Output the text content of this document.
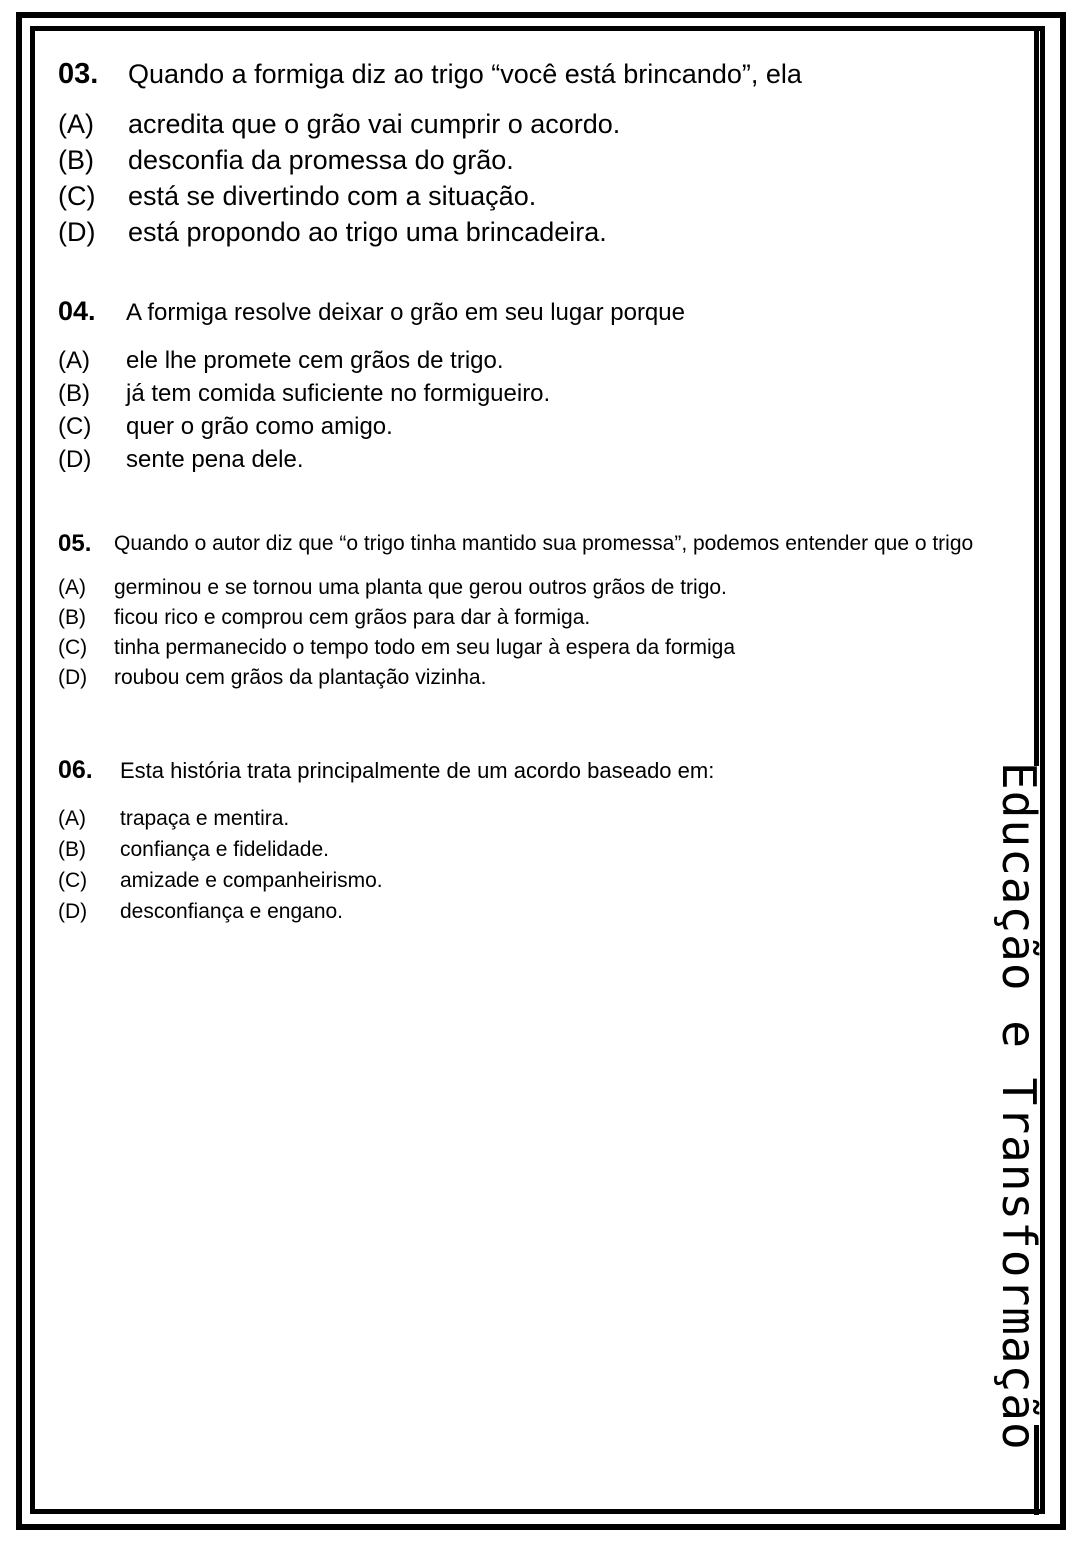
Educação e Transformação
03.	Quando a formiga diz ao trigo “você está brincando”, ela
(A)	acredita que o grão vai cumprir o acordo.
(B)	desconfia da promessa do grão.
(C)	está se divertindo com a situação.
(D)	está propondo ao trigo uma brincadeira.
04.	A formiga resolve deixar o grão em seu lugar porque
(A)	ele lhe promete cem grãos de trigo.
(B)	já tem comida suficiente no formigueiro.
(C)	quer o grão como amigo.
(D)	sente pena dele.
05.	Quando o autor diz que “o trigo tinha mantido sua promessa”, podemos entender que o trigo
(A)	germinou e se tornou uma planta que gerou outros grãos de trigo.
(B)	ficou rico e comprou cem grãos para dar à formiga.
(C)	tinha permanecido o tempo todo em seu lugar à espera da formiga
(D)	roubou cem grãos da plantação vizinha.
06.	Esta história trata principalmente de um acordo baseado em:
(A)	trapaça e mentira.
(B)	confiança e fidelidade.
(C)	amizade e companheirismo.
(D)	desconfiança e engano.
